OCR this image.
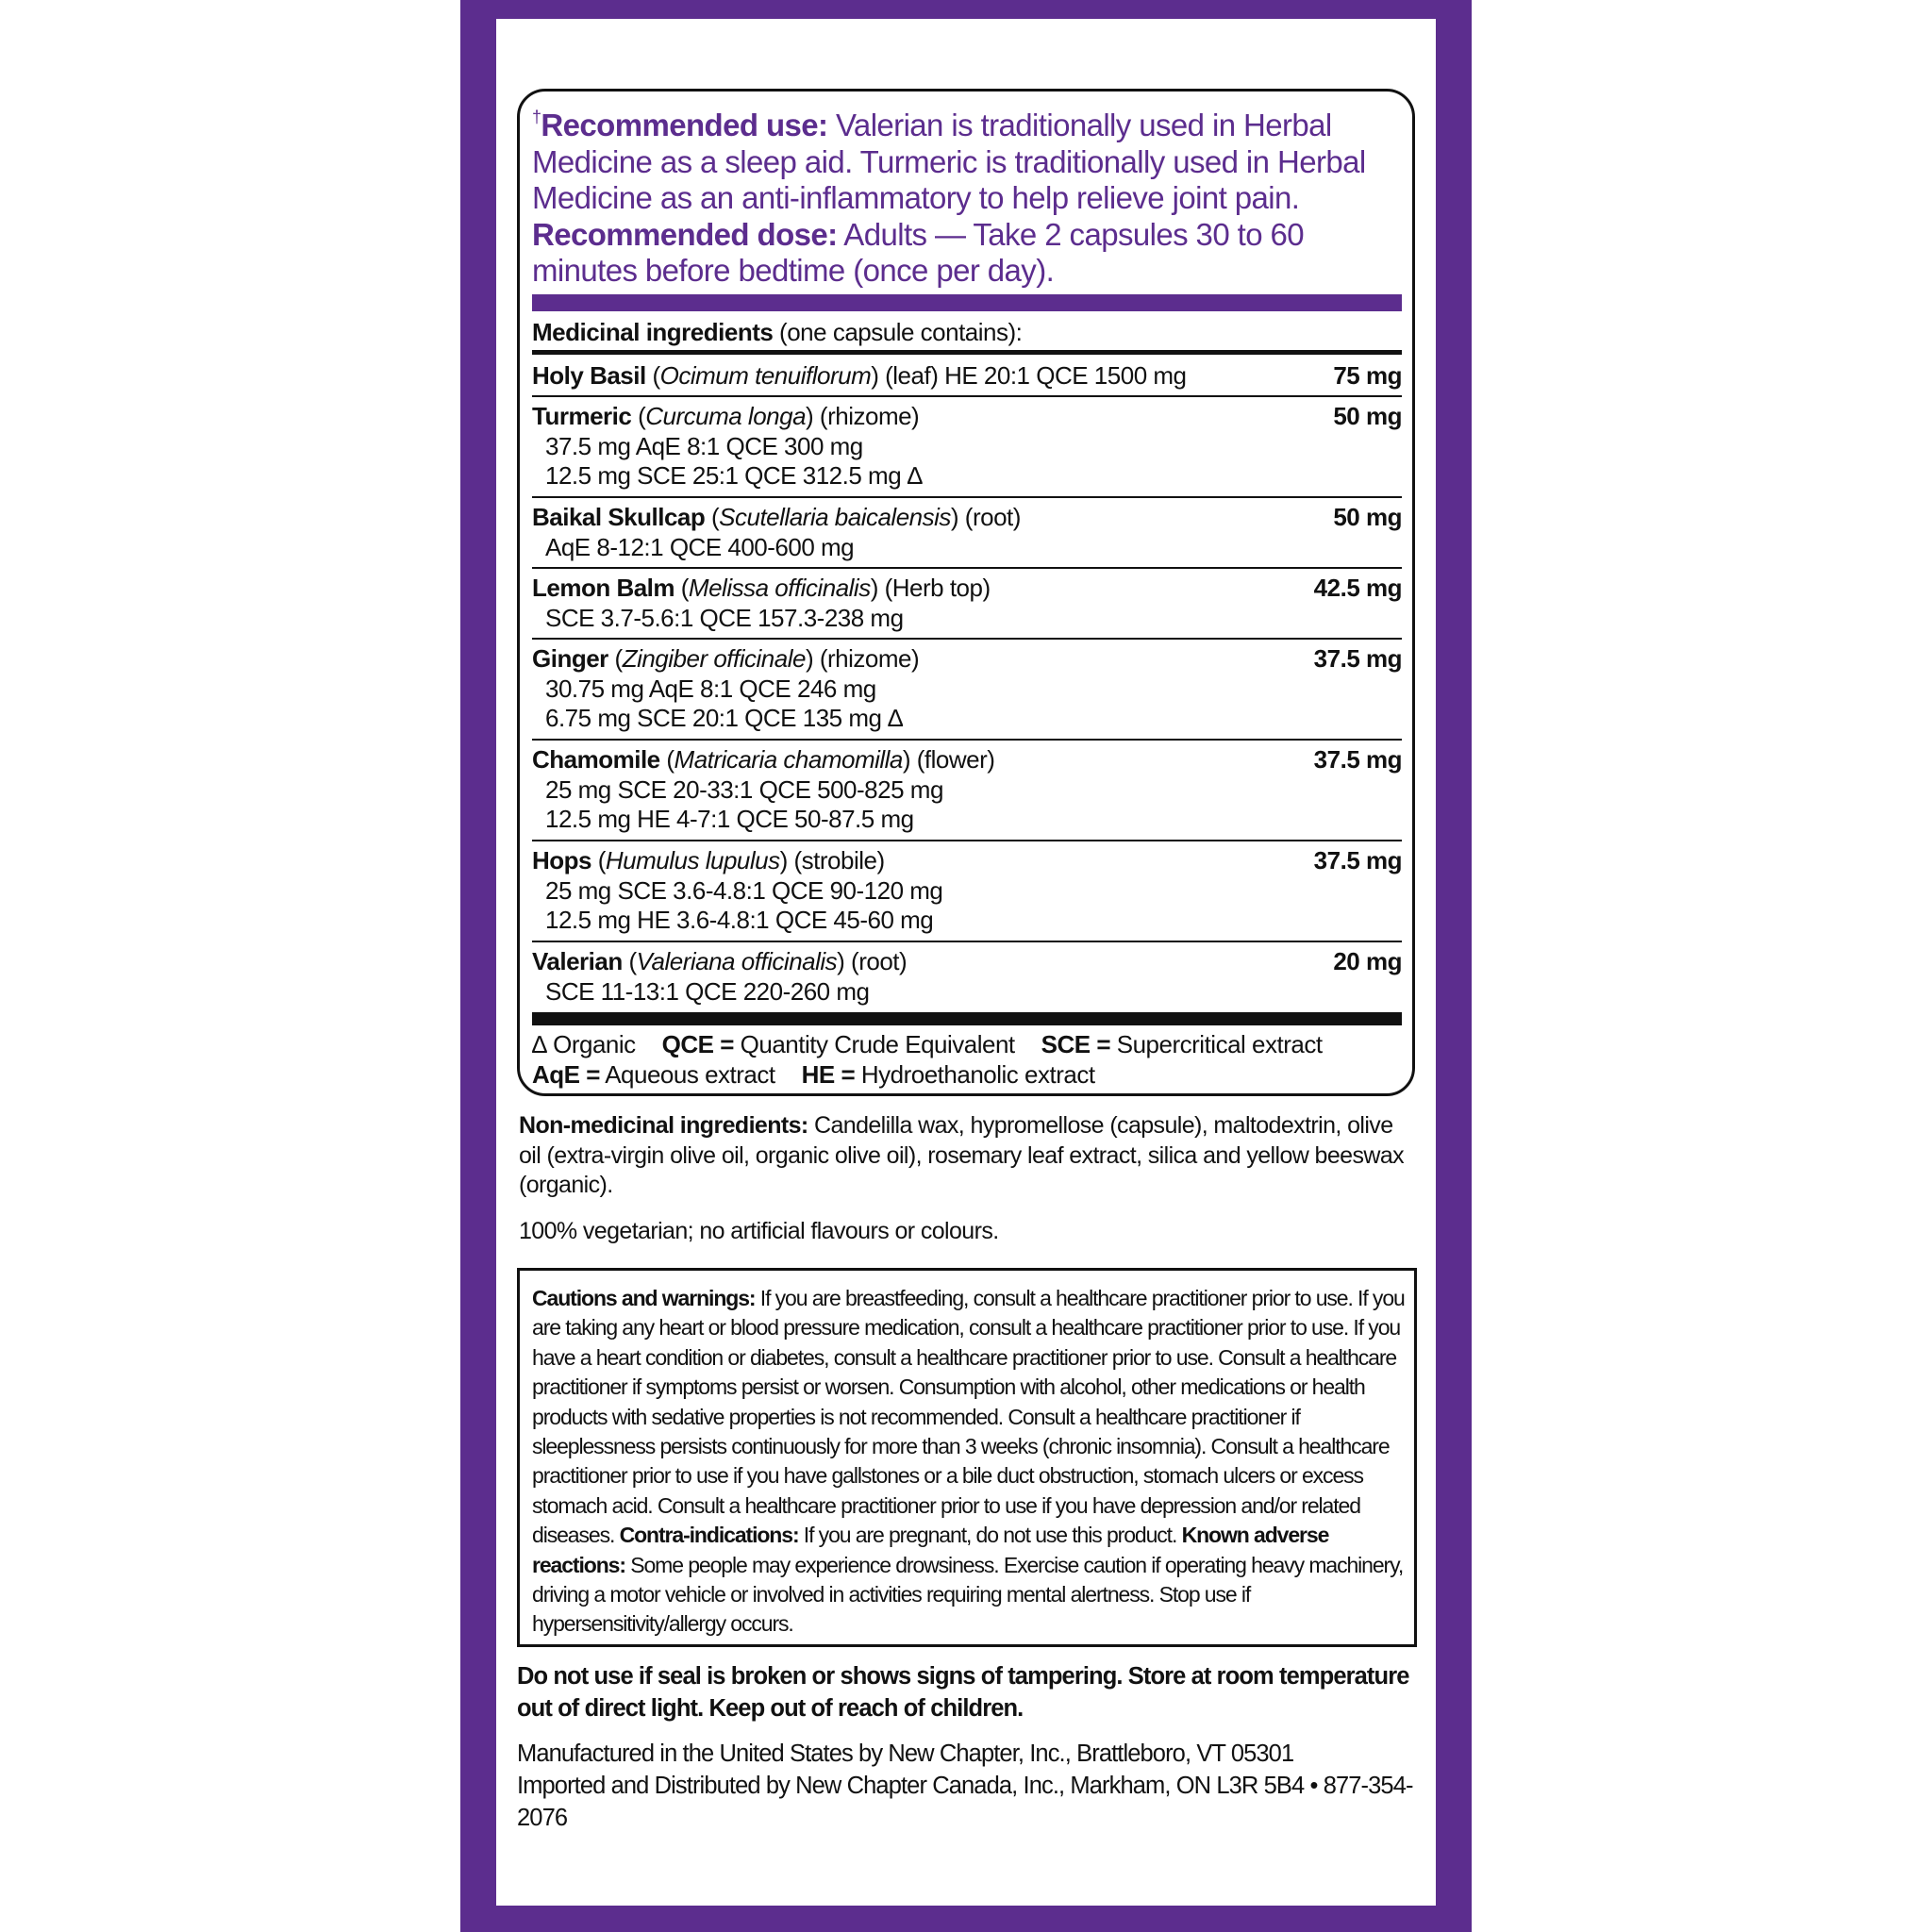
†Recommended use: Valerian is traditionally used in Herbal Medicine as a sleep aid. Turmeric is traditionally used in Herbal Medicine as an anti-inflammatory to help relieve joint pain.
Recommended dose: Adults — Take 2 capsules 30 to 60 minutes before bedtime (once per day).
Medicinal ingredients (one capsule contains):
Holy Basil (Ocimum tenuiflorum) (leaf) HE 20:1 QCE 1500 mg	75 mg
Turmeric (Curcuma longa) (rhizome)
37.5 mg AqE 8:1 QCE 300 mg
12.5 mg SCE 25:1 QCE 312.5 mg ∆
50 mg
Baikal Skullcap (Scutellaria baicalensis) (root)
AqE 8-12:1 QCE 400-600 mg
50 mg
Lemon Balm (Melissa officinalis) (Herb top)
SCE 3.7-5.6:1 QCE 157.3-238 mg
42.5 mg
Ginger (Zingiber officinale) (rhizome)
30.75 mg AqE 8:1 QCE 246 mg
6.75 mg SCE 20:1 QCE 135 mg ∆
37.5 mg
Chamomile (Matricaria chamomilla) (flower)
25 mg SCE 20-33:1 QCE 500-825 mg
12.5 mg HE 4-7:1 QCE 50-87.5 mg
37.5 mg
Hops (Humulus lupulus) (strobile)
25 mg SCE 3.6-4.8:1 QCE 90-120 mg
12.5 mg HE 3.6-4.8:1 QCE 45-60 mg
37.5 mg
Valerian (Valeriana officinalis) (root)
SCE 11-13:1 QCE 220-260 mg
20 mg
∆ Organic QCE = Quantity Crude Equivalent SCE = Supercritical extract
AqE = Aqueous extract HE = Hydroethanolic extract
Non-medicinal ingredients: Candelilla wax, hypromellose (capsule), maltodextrin, olive oil (extra-virgin olive oil, organic olive oil), rosemary leaf extract, silica and yellow beeswax (organic).
100% vegetarian; no artificial flavours or colours.
Cautions and warnings: If you are breastfeeding, consult a healthcare practitioner prior to use. If you are taking any heart or blood pressure medication, consult a healthcare practitioner prior to use. If you have a heart condition or diabetes, consult a healthcare practitioner prior to use. Consult a healthcare practitioner if symptoms persist or worsen. Consumption with alcohol, other medications or health products with sedative properties is not recommended. Consult a healthcare practitioner if sleeplessness persists continuously for more than 3 weeks (chronic insomnia). Consult a healthcare practitioner prior to use if you have gallstones or a bile duct obstruction, stomach ulcers or excess stomach acid. Consult a healthcare practitioner prior to use if you have depression and/or related diseases. Contra-indications: If you are pregnant, do not use this product. Known adverse reactions: Some people may experience drowsiness. Exercise caution if operating heavy machinery, driving a motor vehicle or involved in activities requiring mental alertness. Stop use if hypersensitivity/allergy occurs.
Do not use if seal is broken or shows signs of tampering. Store at room temperature out of direct light. Keep out of reach of children.
Manufactured in the United States by New Chapter, Inc., Brattleboro, VT 05301
Imported and Distributed by New Chapter Canada, Inc., Markham, ON L3R 5B4 • 877-354-2076
